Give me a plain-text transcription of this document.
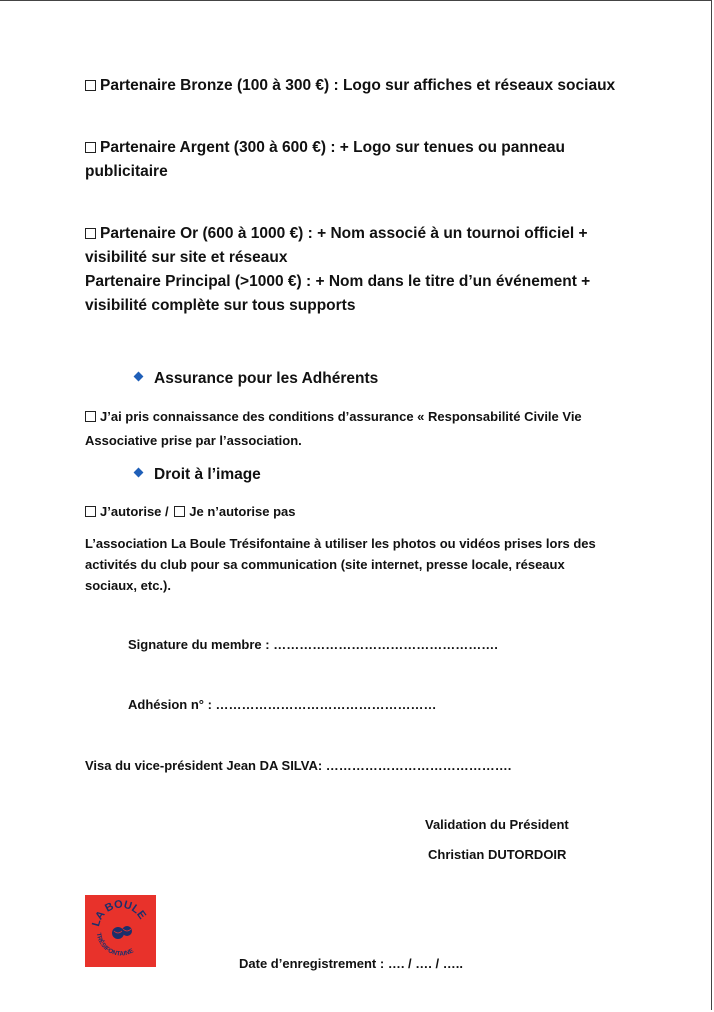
Partenaire Bronze (100 à 300 €) : Logo sur affiches et réseaux sociaux
Partenaire Argent (300 à 600 €) : + Logo sur tenues ou panneau
publicitaire
Partenaire Or (600 à 1000 €) : + Nom associé à un tournoi officiel +
visibilité sur site et réseaux
Partenaire Principal (>1000 €) : + Nom dans le titre d’un événement +
visibilité complète sur tous supports
Assurance pour les Adhérents
J’ai pris connaissance des conditions d’assurance « Responsabilité Civile Vie
Associative prise par l’association.
Droit à l’image
J’autorise / Je n’autorise pas
L’association La Boule Trésifontaine à utiliser les photos ou vidéos prises lors des
activités du club pour sa communication (site internet, presse locale, réseaux
sociaux, etc.).
Signature du membre : …………………………………………….
Adhésion n° : ……………………………………………
Visa du vice-président Jean DA SILVA: …………………………………….
Validation du Président
Christian DUTORDOIR
LA BOULE
TRÉSIFONTAINE
Date d’enregistrement : …. / …. / …..
